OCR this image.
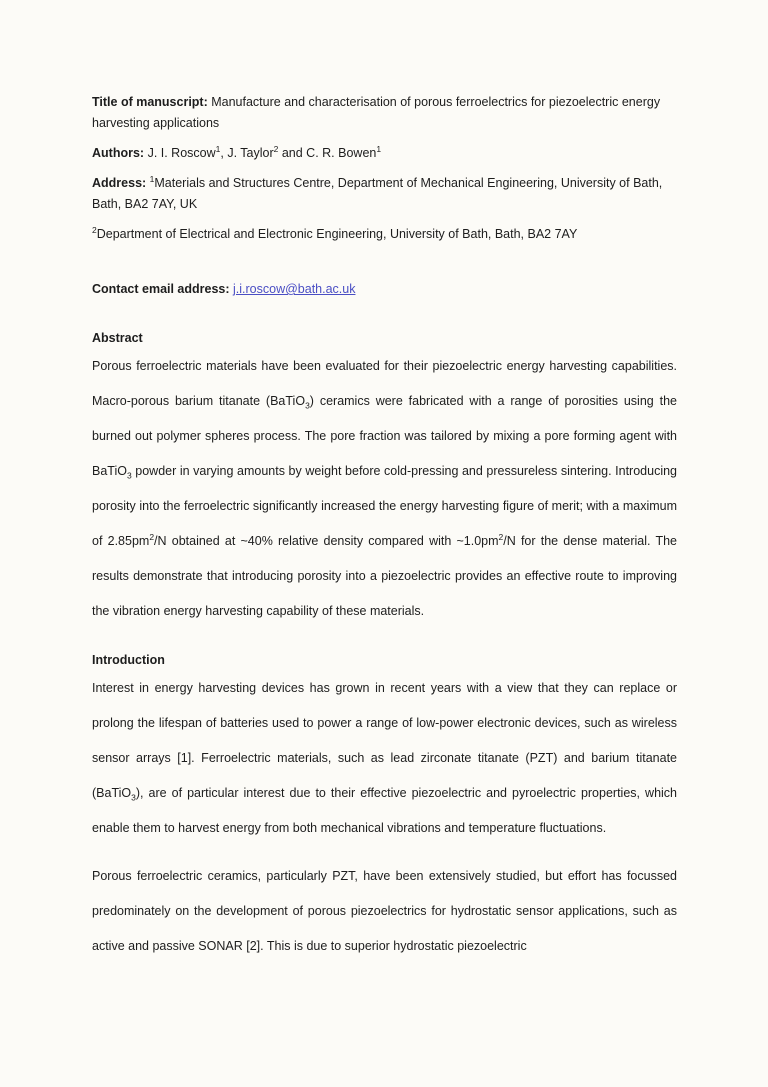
Title of manuscript: Manufacture and characterisation of porous ferroelectrics for piezoelectric energy harvesting applications

Authors: J. I. Roscow$^1$, J. Taylor$^2$ and C. R. Bowen$^1$

Address: $^1$Materials and Structures Centre, Department of Mechanical Engineering, University of Bath, Bath, BA2 7AY, UK

$^2$Department of Electrical and Electronic Engineering, University of Bath, Bath, BA2 7AY

Contact email address: j.i.roscow@bath.ac.uk

Abstract

Porous ferroelectric materials have been evaluated for their piezoelectric energy harvesting capabilities. Macro-porous barium titanate (BaTiO$_3$) ceramics were fabricated with a range of porosities using the burned out polymer spheres process. The pore fraction was tailored by mixing a pore forming agent with BaTiO$_3$ powder in varying amounts by weight before cold-pressing and pressureless sintering. Introducing porosity into the ferroelectric significantly increased the energy harvesting figure of merit; with a maximum of $2.85pm^2/N$ obtained at ~40% relative density compared with $\sim 1.0pm^2/N$ for the dense material. The results demonstrate that introducing porosity into a piezoelectric provides an effective route to improving the vibration energy harvesting capability of these materials.

Introduction

Interest in energy harvesting devices has grown in recent years with a view that they can replace or prolong the lifespan of batteries used to power a range of low-power electronic devices, such as wireless sensor arrays [1]. Ferroelectric materials, such as lead zirconate titanate (PZT) and barium titanate (BaTiO$_3$), are of particular interest due to their effective piezoelectric and pyroelectric properties, which enable them to harvest energy from both mechanical vibrations and temperature fluctuations.

Porous ferroelectric ceramics, particularly PZT, have been extensively studied, but effort has focussed predominately on the development of porous piezoelectrics for hydrostatic sensor applications, such as active and passive SONAR [2]. This is due to superior hydrostatic piezoelectric
